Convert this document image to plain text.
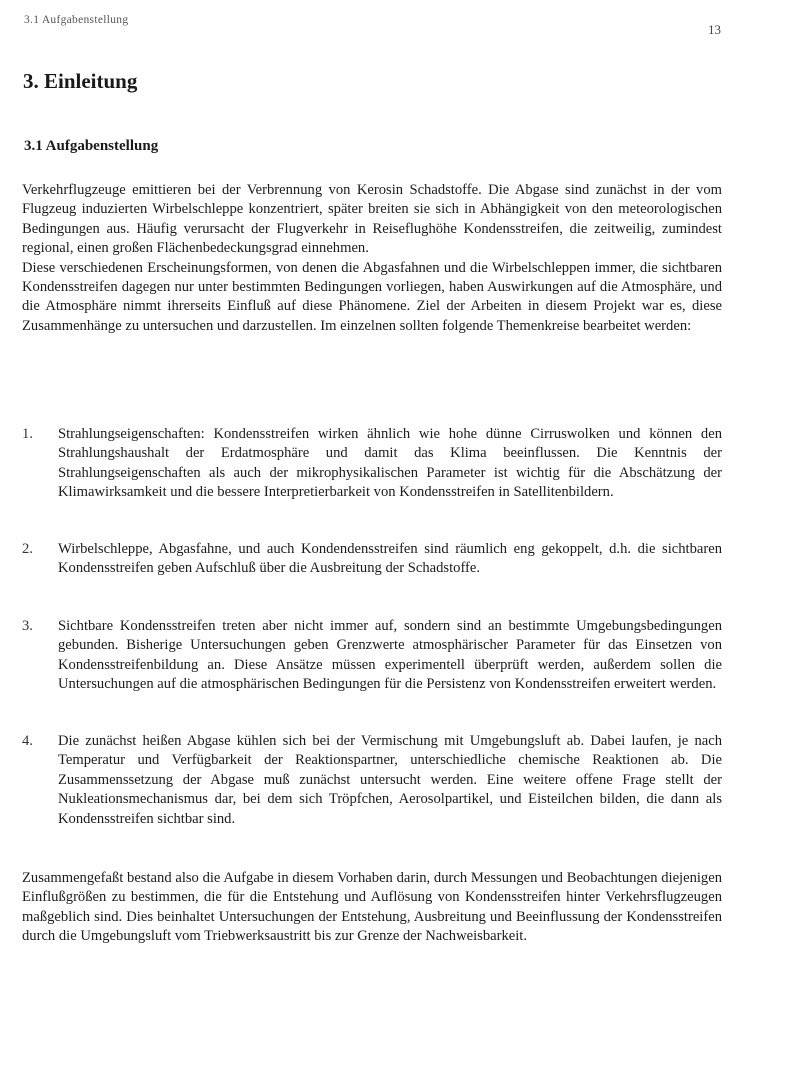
3.1 Aufgabenstellung
13
3. Einleitung
3.1 Aufgabenstellung

Verkehrflugzeuge emittieren bei der Verbrennung von Kerosin Schadstoffe. Die Abgase sind zunächst in der vom Flugzeug induzierten Wirbelschleppe konzentriert, später breiten sie sich in Abhängigkeit von den meteorologischen Bedingungen aus. Häufig verursacht der Flugverkehr in Reiseflughöhe Kondensstreifen, die zeitweilig, zumindest regional, einen großen Flächenbedeckungsgrad einnehmen.
Diese verschiedenen Erscheinungsformen, von denen die Abgasfahnen und die Wirbelschleppen immer, die sichtbaren Kondensstreifen dagegen nur unter bestimmten Bedingungen vorliegen, haben Auswirkungen auf die Atmosphäre, und die Atmosphäre nimmt ihrerseits Einfluß auf diese Phänomene. Ziel der Arbeiten in diesem Projekt war es, diese Zusammenhänge zu untersuchen und darzustellen. Im einzelnen sollten folgende Themenkreise bearbeitet werden:

1.	Strahlungseigenschaften: Kondensstreifen wirken ähnlich wie hohe dünne Cirruswolken und können den Strahlungshaushalt der Erdatmosphäre und damit das Klima beeinflussen. Die Kenntnis der Strahlungseigenschaften als auch der mikrophysikalischen Parameter ist wichtig für die Abschätzung der Klimawirksamkeit und die bessere Interpretierbarkeit von Kondensstreifen in Satellitenbildern.

2.	Wirbelschleppe, Abgasfahne, und auch Kondendensstreifen sind räumlich eng gekoppelt, d.h. die sichtbaren Kondensstreifen geben Aufschluß über die Ausbreitung der Schadstoffe.

3.	Sichtbare Kondensstreifen treten aber nicht immer auf, sondern sind an bestimmte Umgebungsbedingungen gebunden. Bisherige Untersuchungen geben Grenzwerte atmosphärischer Parameter für das Einsetzen von Kondensstreifenbildung an. Diese Ansätze müssen experimentell überprüft werden, außerdem sollen die Untersuchungen auf die atmosphärischen Bedingungen für die Persistenz von Kondensstreifen erweitert werden.

4.	Die zunächst heißen Abgase kühlen sich bei der Vermischung mit Umgebungsluft ab. Dabei laufen, je nach Temperatur und Verfügbarkeit der Reaktionspartner, unterschiedliche chemische Reaktionen ab. Die Zusammenssetzung der Abgase muß zunächst untersucht werden. Eine weitere offene Frage stellt der Nukleationsmechanismus dar, bei dem sich Tröpfchen, Aerosolpartikel, und Eisteilchen bilden, die dann als Kondensstreifen sichtbar sind.

Zusammengefaßt bestand also die Aufgabe in diesem Vorhaben darin, durch Messungen und Beobachtungen diejenigen Einflußgrößen zu bestimmen, die für die Entstehung und Auflösung von Kondensstreifen hinter Verkehrsflugzeugen maßgeblich sind. Dies beinhaltet Untersuchungen der Entstehung, Ausbreitung und Beeinflussung der Kondensstreifen durch die Umgebungsluft vom Triebwerksaustritt bis zur Grenze der Nachweisbarkeit.
